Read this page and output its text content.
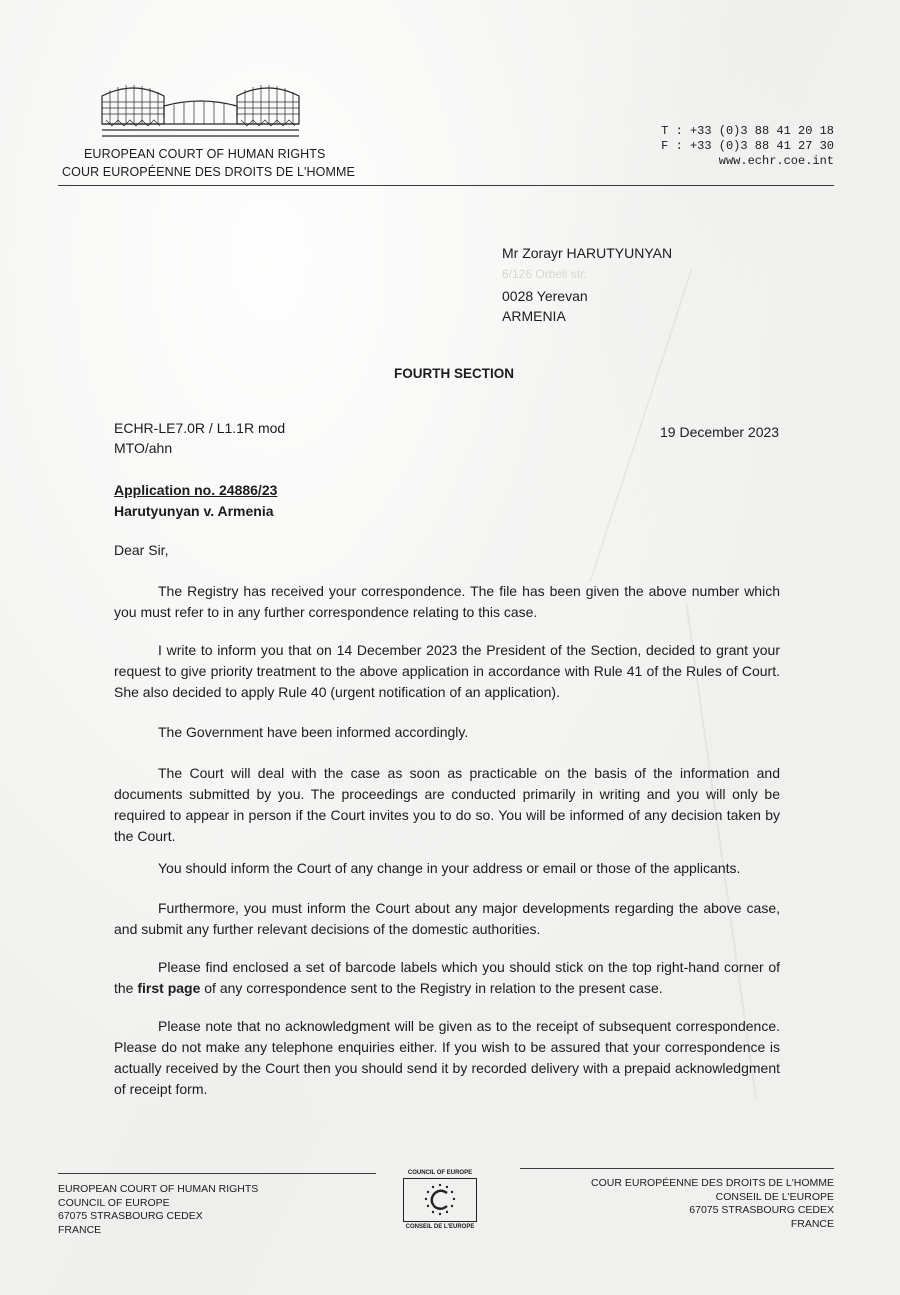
EUROPEAN COURT OF HUMAN RIGHTS
COUR EUROPÉENNE DES DROITS DE L'HOMME
T : +33 (0)3 88 41 20 18
F : +33 (0)3 88 41 27 30
www.echr.coe.int
Mr Zorayr HARUTYUNYAN
6/126 Orbeli str.
0028 Yerevan
ARMENIA
FOURTH SECTION
ECHR-LE7.0R / L1.1R mod
MTO/ahn
19 December 2023
Application no. 24886/23
Harutyunyan v. Armenia
Dear Sir,
The Registry has received your correspondence. The file has been given the above number which you must refer to in any further correspondence relating to this case.
I write to inform you that on 14 December 2023 the President of the Section, decided to grant your request to give priority treatment to the above application in accordance with Rule 41 of the Rules of Court. She also decided to apply Rule 40 (urgent notification of an application).
The Government have been informed accordingly.
The Court will deal with the case as soon as practicable on the basis of the information and documents submitted by you. The proceedings are conducted primarily in writing and you will only be required to appear in person if the Court invites you to do so. You will be informed of any decision taken by the Court.
You should inform the Court of any change in your address or email or those of the applicants.
Furthermore, you must inform the Court about any major developments regarding the above case, and submit any further relevant decisions of the domestic authorities.
Please find enclosed a set of barcode labels which you should stick on the top right-hand corner of the first page of any correspondence sent to the Registry in relation to the present case.
Please note that no acknowledgment will be given as to the receipt of subsequent correspondence. Please do not make any telephone enquiries either. If you wish to be assured that your correspondence is actually received by the Court then you should send it by recorded delivery with a prepaid acknowledgment of receipt form.
EUROPEAN COURT OF HUMAN RIGHTS
COUNCIL OF EUROPE
67075 STRASBOURG CEDEX
FRANCE
COUNCIL OF EUROPE
CONSEIL DE L'EUROPE
COUR EUROPÉENNE DES DROITS DE L'HOMME
CONSEIL DE L'EUROPE
67075 STRASBOURG CEDEX
FRANCE
